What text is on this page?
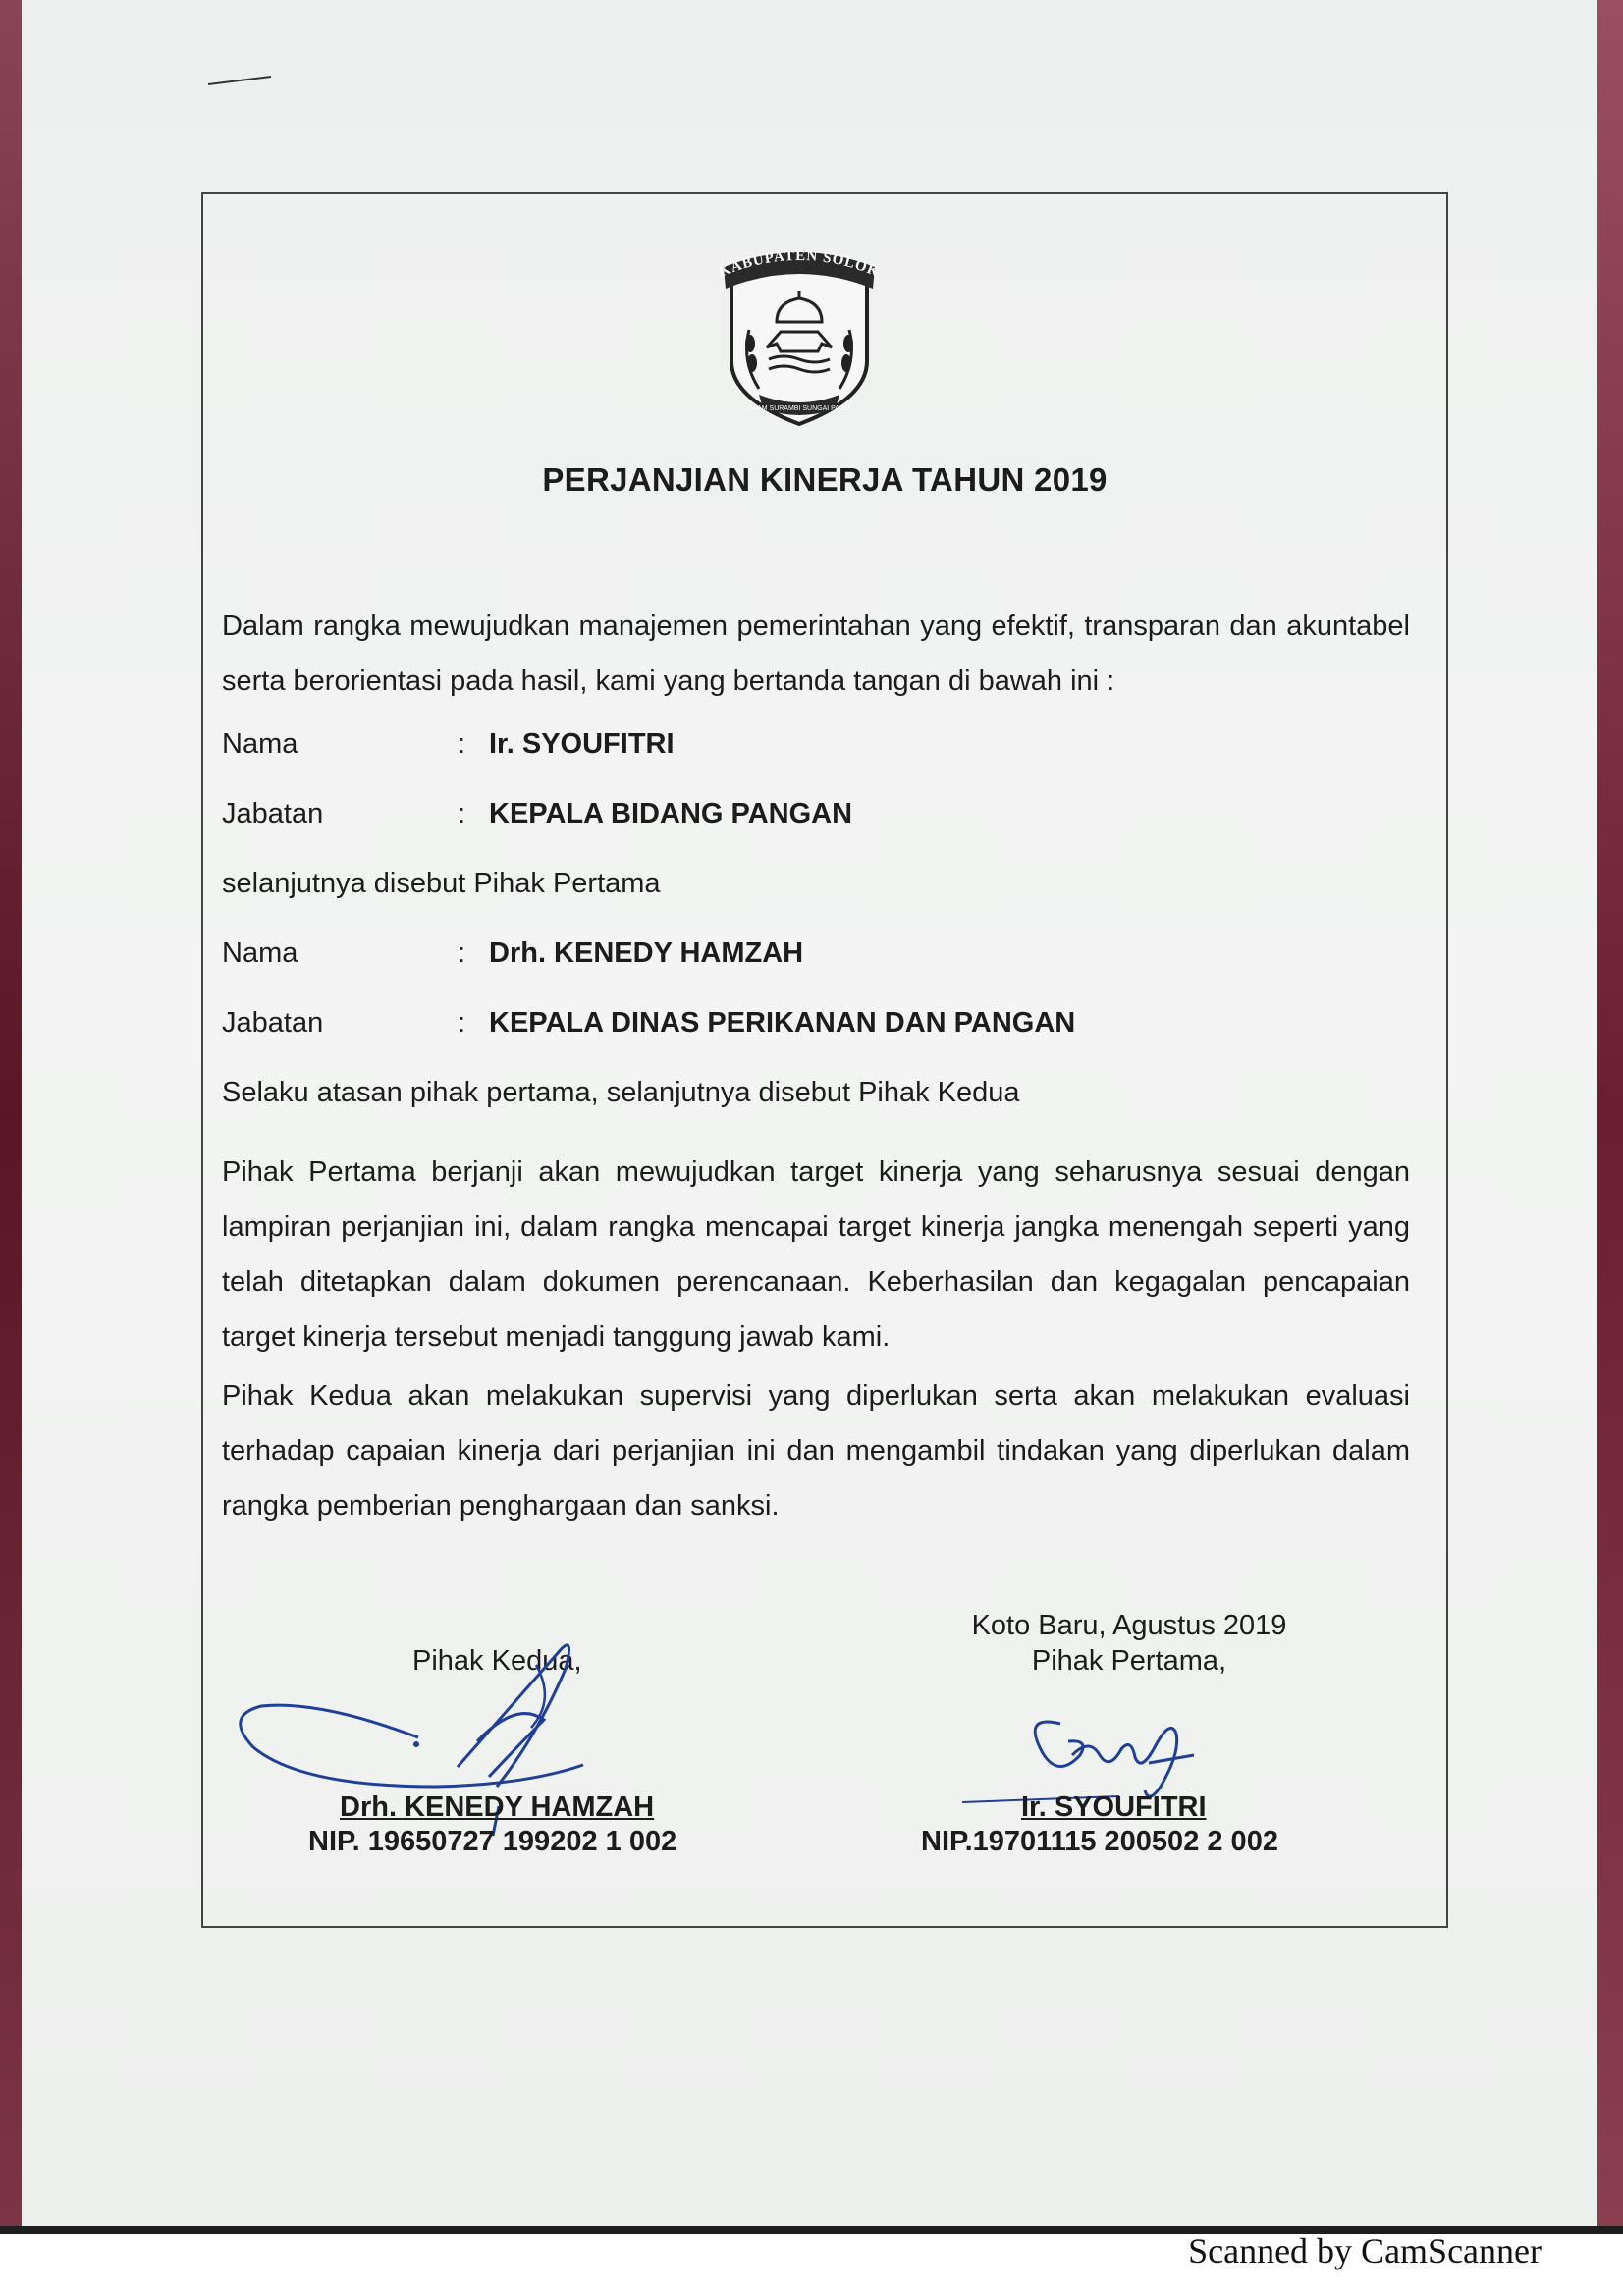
ABUPATEN SOLO
ALAM SURAMBI SUNGAI PAGU
PERJANJIAN KINERJA TAHUN 2019

Dalam rangka mewujudkan manajemen pemerintahan yang efektif, transparan dan akuntabel serta berorientasi pada hasil, kami yang bertanda tangan di bawah ini :

Nama	: Ir. SYOUFITRI

Jabatan	: KEPALA BIDANG PANGAN

selanjutnya disebut Pihak Pertama

Nama	: Drh. KENEDY HAMZAH

Jabatan	: KEPALA DINAS PERIKANAN DAN PANGAN

Selaku atasan pihak pertama, selanjutnya disebut Pihak Kedua

Pihak Pertama berjanji akan mewujudkan target kinerja yang seharusnya sesuai dengan lampiran perjanjian ini, dalam rangka mencapai target kinerja jangka menengah seperti yang telah ditetapkan dalam dokumen perencanaan. Keberhasilan dan kegagalan pencapaian target kinerja tersebut menjadi tanggung jawab kami.

Pihak Kedua akan melakukan supervisi yang diperlukan serta akan melakukan evaluasi terhadap capaian kinerja dari perjanjian ini dan mengambil tindakan yang diperlukan dalam rangka pemberian penghargaan dan sanksi.

Koto Baru, Agustus 2019

Pihak Pertama,

Pihak Kedua,

Drh. KENEDY HAMZAH

NIP. 19650727 199202 1 002

Ir. SYOUFITRI

NIP.19701115 200502 2 002

Scanned by CamScanner
